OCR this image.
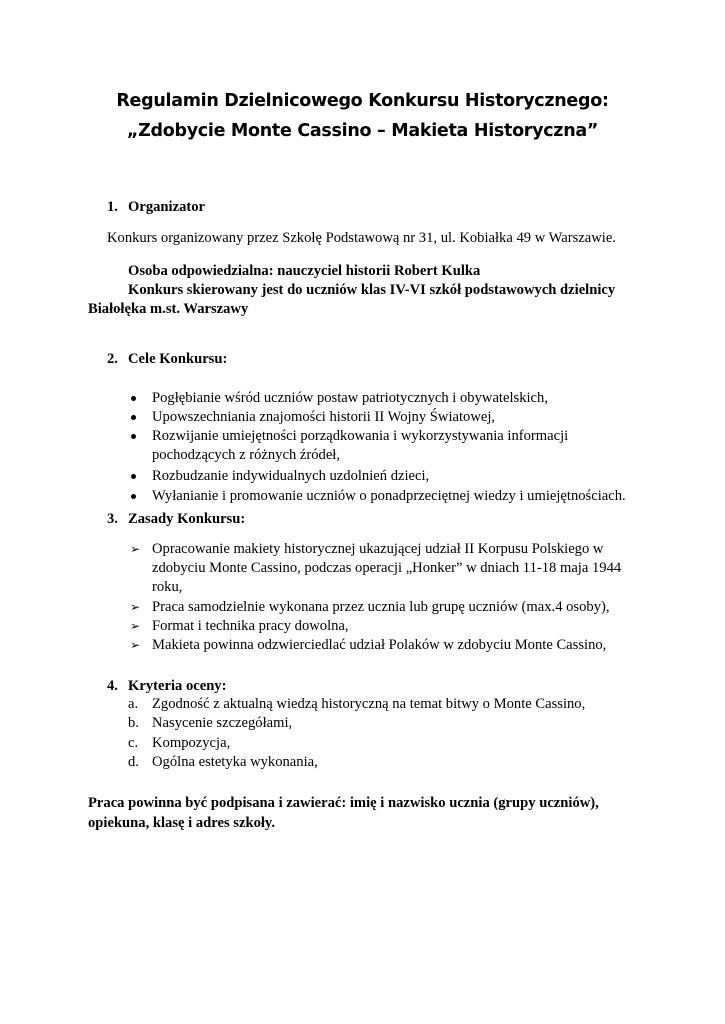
Regulamin Dzielnicowego Konkursu Historycznego:
„Zdobycie Monte Cassino – Makieta Historyczna”
1. Organizator
Konkurs organizowany przez Szkołę Podstawową nr 31, ul. Kobiałka 49 w Warszawie.
Osoba odpowiedzialna: nauczyciel historii Robert Kulka
Konkurs skierowany jest do uczniów klas IV-VI szkół podstawowych dzielnicy
Białołęka m.st. Warszawy
2. Cele Konkursu:
Pogłębianie wśród uczniów postaw patriotycznych i obywatelskich,
Upowszechniania znajomości historii II Wojny Światowej,
Rozwijanie umiejętności porządkowania i wykorzystywania informacji
pochodzących z różnych źródeł,
Rozbudzanie indywidualnych uzdolnień dzieci,
Wyłanianie i promowanie uczniów o ponadprzeciętnej wiedzy i umiejętnościach.
3. Zasady Konkursu:
➢ Opracowanie makiety historycznej ukazującej udział II Korpusu Polskiego w
zdobyciu Monte Cassino, podczas operacji „Honker” w dniach 11-18 maja 1944
roku,
➢ Praca samodzielnie wykonana przez ucznia lub grupę uczniów (max.4 osoby),
➢ Format i technika pracy dowolna,
➢ Makieta powinna odzwierciedlać udział Polaków w zdobyciu Monte Cassino,
4. Kryteria oceny:
a. Zgodność z aktualną wiedzą historyczną na temat bitwy o Monte Cassino,
b. Nasycenie szczegółami,
c. Kompozycja,
d. Ogólna estetyka wykonania,
Praca powinna być podpisana i zawierać: imię i nazwisko ucznia (grupy uczniów),
opiekuna, klasę i adres szkoły.
